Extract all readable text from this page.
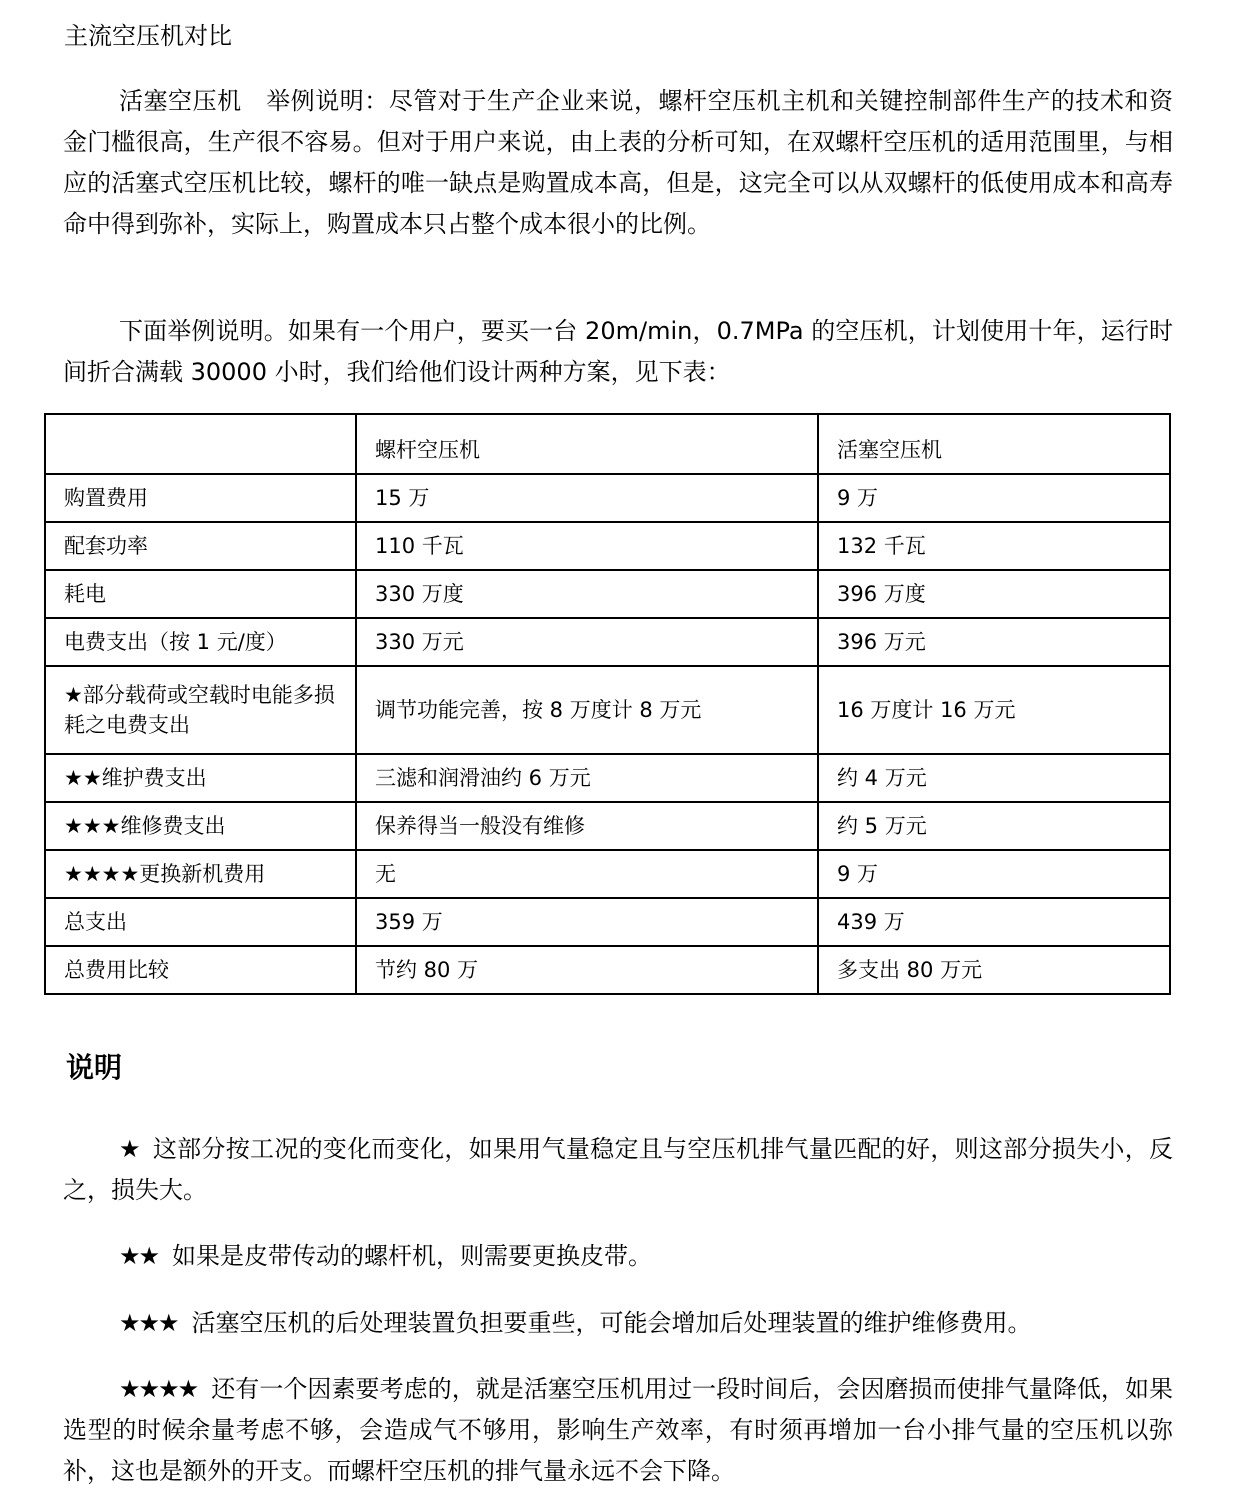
主流空压机对比

活塞空压机　举例说明：尽管对于生产企业来说，螺杆空压机主机和关键控制部件生产的技术和资金门槛很高，生产很不容易。但对于用户来说，由上表的分析可知，在双螺杆空压机的适用范围里，与相应的活塞式空压机比较，螺杆的唯一缺点是购置成本高，但是，这完全可以从双螺杆的低使用成本和高寿命中得到弥补，实际上，购置成本只占整个成本很小的比例。

下面举例说明。如果有一个用户，要买一台 20m/min，0.7MPa 的空压机，计划使用十年，运行时间折合满载 30000 小时，我们给他们设计两种方案，见下表：

	螺杆空压机	活塞空压机
购置费用	15 万	9 万
配套功率	110 千瓦	132 千瓦
耗电	330 万度	396 万度
电费支出（按 1 元/度）	330 万元	396 万元
★部分载荷或空载时电能多损耗之电费支出	调节功能完善，按 8 万度计 8 万元	16 万度计 16 万元
★★维护费支出	三滤和润滑油约 6 万元	约 4 万元
★★★维修费支出	保养得当一般没有维修	约 5 万元
★★★★更换新机费用	无	9 万
总支出	359 万	439 万
总费用比较	节约 80 万	多支出 80 万元
说明

★ 这部分按工况的变化而变化，如果用气量稳定且与空压机排气量匹配的好，则这部分损失小，反之，损失大。

★★ 如果是皮带传动的螺杆机，则需要更换皮带。

★★★ 活塞空压机的后处理装置负担要重些，可能会增加后处理装置的维护维修费用。

★★★★ 还有一个因素要考虑的，就是活塞空压机用过一段时间后，会因磨损而使排气量降低，如果选型的时候余量考虑不够，会造成气不够用，影响生产效率，有时须再增加一台小排气量的空压机以弥补，这也是额外的开支。而螺杆空压机的排气量永远不会下降。
